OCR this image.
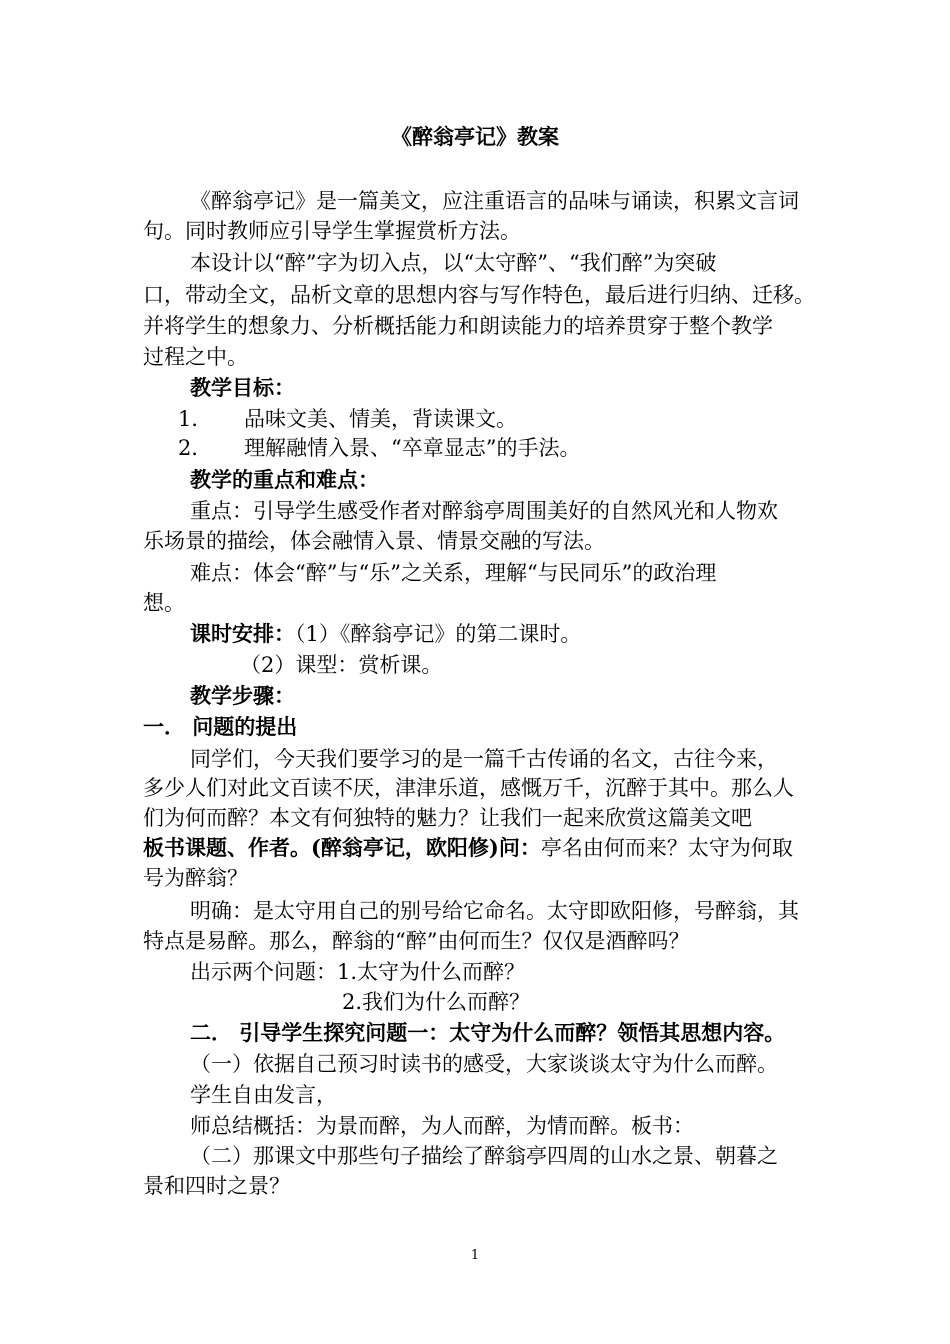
《醉翁亭记》教案
《醉翁亭记》是一篇美文，应注重语言的品味与诵读，积累文言词
句。同时教师应引导学生掌握赏析方法。
本设计以“醉”字为切入点，以“太守醉”、“我们醉”为突破
口，带动全文，品析文章的思想内容与写作特色，最后进行归纳、迁移。
并将学生的想象力、分析概括能力和朗读能力的培养贯穿于整个教学
过程之中。
教学目标：
1． 品味文美、情美，背读课文。
2． 理解融情入景、“卒章显志”的手法。
教学的重点和难点：
重点：引导学生感受作者对醉翁亭周围美好的自然风光和人物欢
乐场景的描绘，体会融情入景、情景交融的写法。
难点：体会“醉”与“乐”之关系，理解“与民同乐”的政治理
想。
课时安排：（1）《醉翁亭记》的第二课时。
（2）课型：赏析课。
教学步骤：
一． 问题的提出
同学们，今天我们要学习的是一篇千古传诵的名文，古往今来，
多少人们对此文百读不厌，津津乐道，感慨万千，沉醉于其中。那么人
们为何而醉？本文有何独特的魅力？让我们一起来欣赏这篇美文吧
板书课题、作者。(醉翁亭记，欧阳修)问：亭名由何而来？太守为何取
号为醉翁？
明确：是太守用自己的别号给它命名。太守即欧阳修，号醉翁，其
特点是易醉。那么，醉翁的“醉”由何而生？仅仅是酒醉吗？
出示两个问题：1.太守为什么而醉？
2.我们为什么而醉？
二． 引导学生探究问题一：太守为什么而醉？领悟其思想内容。
（一）依据自己预习时读书的感受，大家谈谈太守为什么而醉。
学生自由发言，
师总结概括：为景而醉，为人而醉，为情而醉。板书：
（二）那课文中那些句子描绘了醉翁亭四周的山水之景、朝暮之
景和四时之景？
1
